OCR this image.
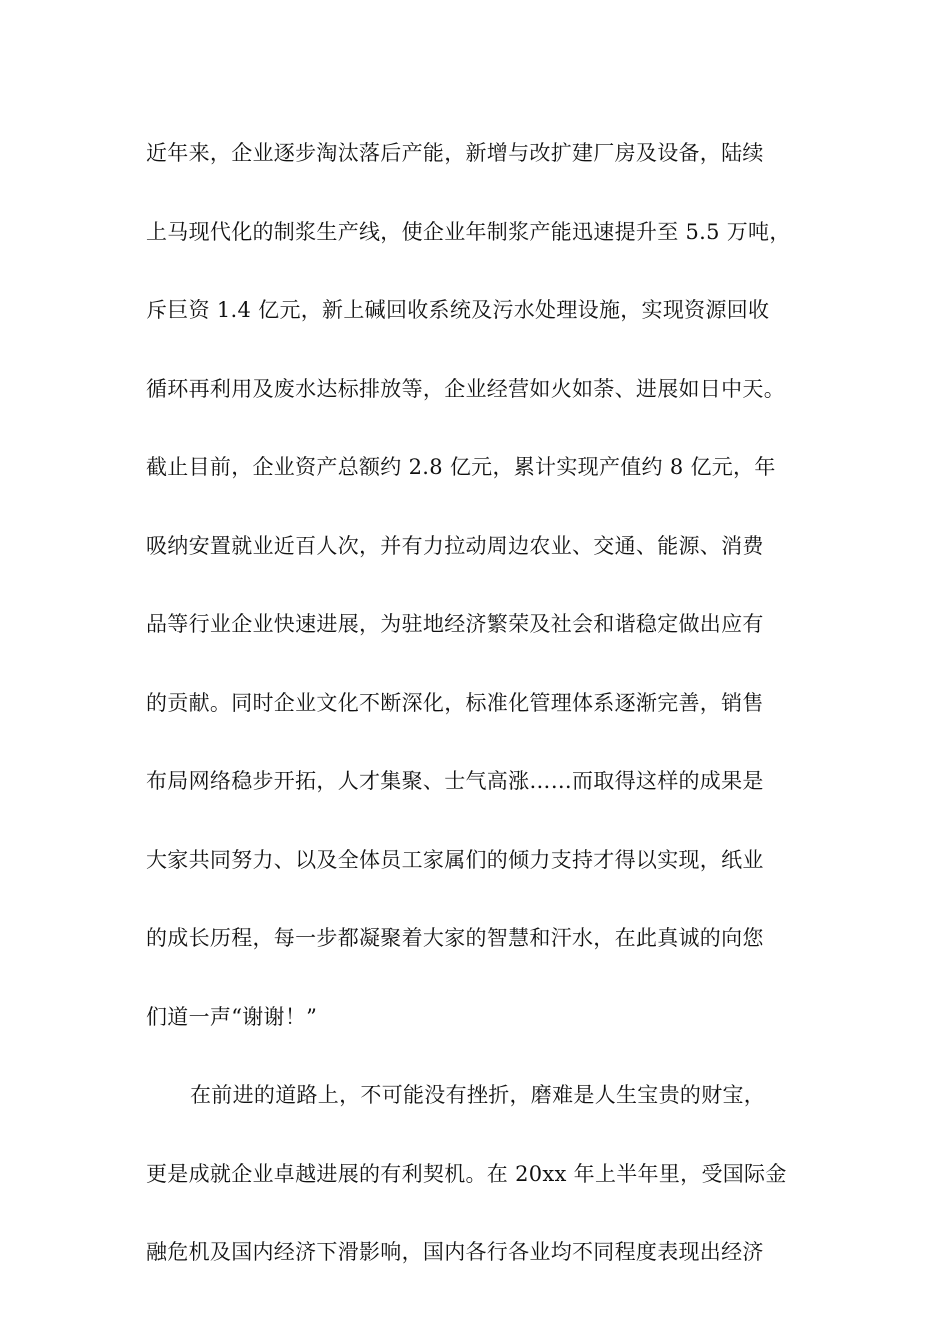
近年来，企业逐步淘汰落后产能，新增与改扩建厂房及设备，陆续
上马现代化的制浆生产线，使企业年制浆产能迅速提升至 5.5 万吨，
斥巨资 1.4 亿元，新上碱回收系统及污水处理设施，实现资源回收
循环再利用及废水达标排放等，企业经营如火如荼、进展如日中天。
截止目前，企业资产总额约 2.8 亿元，累计实现产值约 8 亿元，年
吸纳安置就业近百人次，并有力拉动周边农业、交通、能源、消费
品等行业企业快速进展，为驻地经济繁荣及社会和谐稳定做出应有
的贡献。同时企业文化不断深化，标准化管理体系逐渐完善，销售
布局网络稳步开拓，人才集聚、士气高涨……而取得这样的成果是
大家共同努力、以及全体员工家属们的倾力支持才得以实现，纸业
的成长历程，每一步都凝聚着大家的智慧和汗水，在此真诚的向您
们道一声“谢谢！”
在前进的道路上，不可能没有挫折，磨难是人生宝贵的财宝，
更是成就企业卓越进展的有利契机。在 20xx 年上半年里，受国际金
融危机及国内经济下滑影响，国内各行各业均不同程度表现出经济
